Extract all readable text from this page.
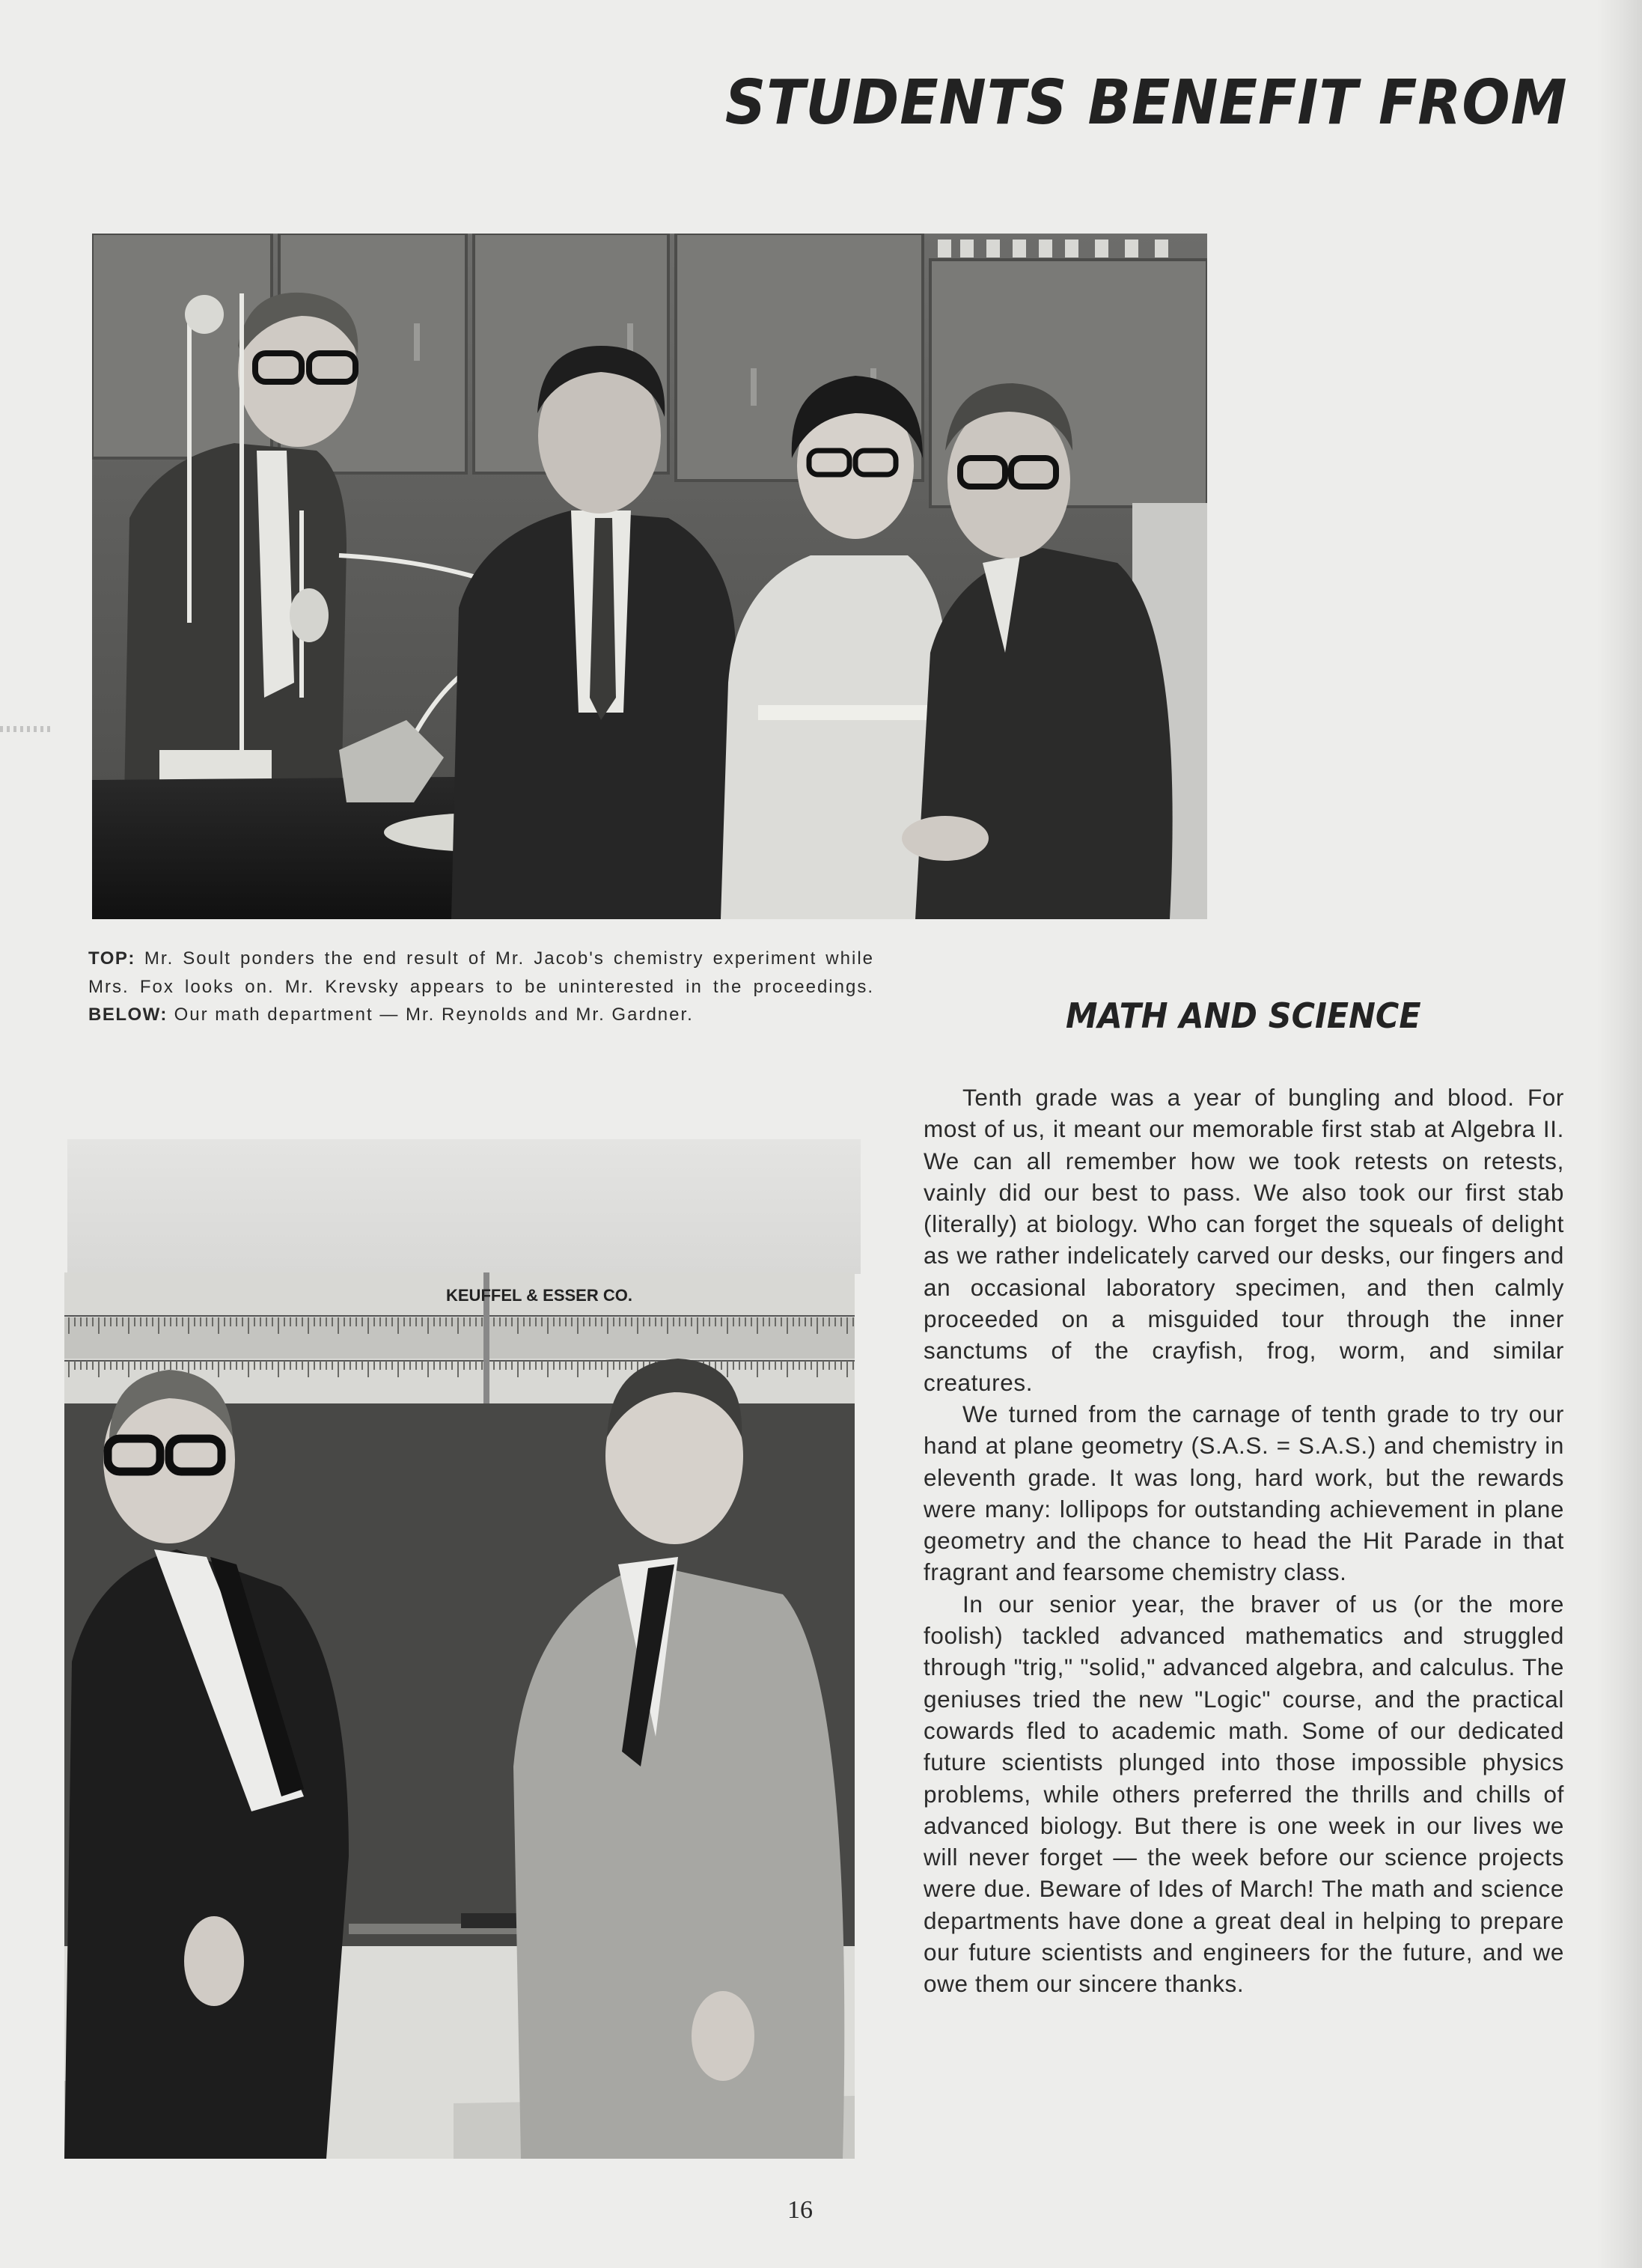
STUDENTS BENEFIT FROM

TOP: Mr. Soult ponders the end result of Mr. Jacob's chemistry experiment while Mrs. Fox looks on. Mr. Krevsky appears to be uninterested in the proceedings. BELOW: Our math department — Mr. Reynolds and Mr. Gardner.	MATH AND SCIENCE

Tenth grade was a year of bungling and blood. For most of us, it meant our memorable first stab at Algebra II. We can all remember how we took retests on retests, vainly did our best to pass. We also took our first stab (literally) at biology. Who can forget the squeals of delight as we rather indelicately carved our desks, our fingers and an occasional laboratory specimen, and then calmly proceeded on a misguided tour through the inner sanctums of the crayfish, frog, worm, and similar creatures.

We turned from the carnage of tenth grade to try our hand at plane geometry (S.A.S. = S.A.S.) and chemistry in eleventh grade. It was long, hard work, but the rewards were many: lollipops for outstanding achievement in plane geometry and the chance to head the Hit Parade in that fragrant and fearsome chemistry class.

In our senior year, the braver of us (or the more foolish) tackled advanced mathematics and struggled through "trig," "solid," advanced algebra, and calculus. The geniuses tried the new "Logic" course, and the practical cowards fled to academic math. Some of our dedicated future scientists plunged into those impossible physics problems, while others preferred the thrills and chills of advanced biology. But there is one week in our lives we will never forget — the week before our science projects were due. Beware of Ides of March! The math and science departments have done a great deal in helping to prepare our future scientists and engineers for the future, and we owe them our sincere thanks.

KEUFFEL & ESSER CO.
16
